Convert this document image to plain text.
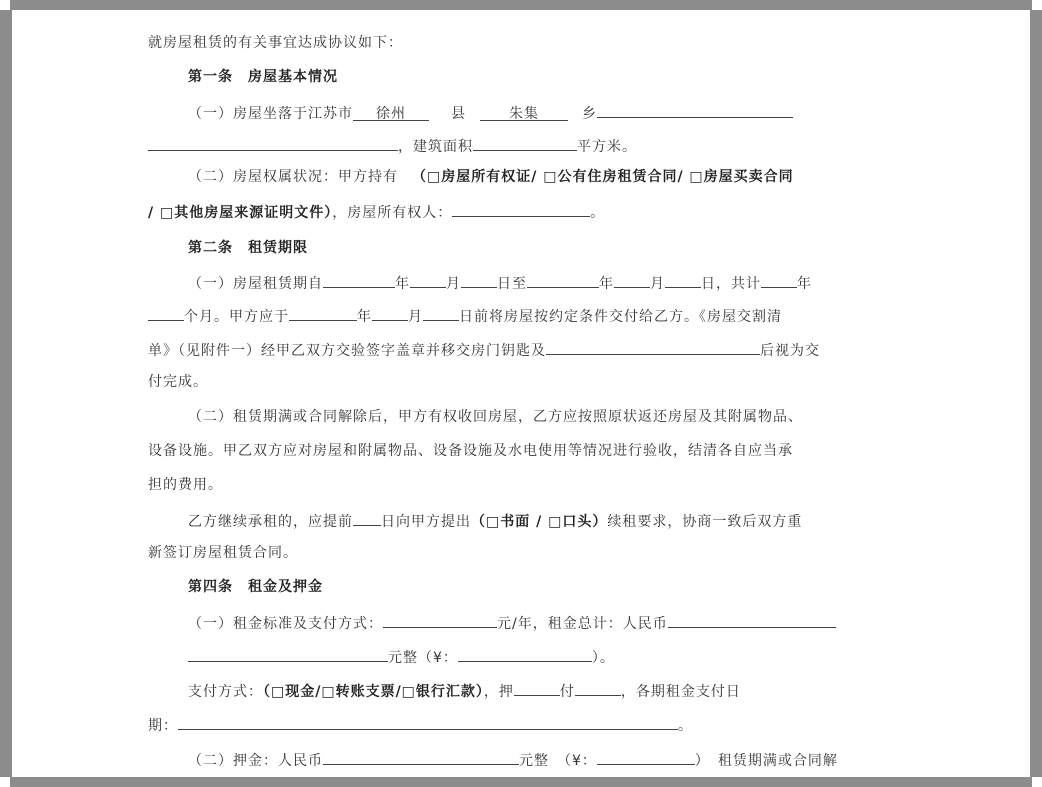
就房屋租赁的有关事宜达成协议如下：
第一条　房屋基本情况
（一）房屋坐落于江苏市 徐州	县	朱集	乡
，建筑面积	平方米。
（二）房屋权属状况：甲方持有 （□房屋所有权证/ □公有住房租赁合同/ □房屋买卖合同
/ □其他房屋来源证明文件），房屋所有权人：	。
第二条　租赁期限
（一）房屋租赁期自	年	月	日至	年	月	日，共计	年
个月。甲方应于	年	月	日前将房屋按约定条件交付给乙方。《房屋交割清
单》（见附件一）经甲乙双方交验签字盖章并移交房门钥匙及	后视为交
付完成。
（二）租赁期满或合同解除后，甲方有权收回房屋，乙方应按照原状返还房屋及其附属物品、
设备设施。甲乙双方应对房屋和附属物品、设备设施及水电使用等情况进行验收，结清各自应当承
担的费用。
乙方继续承租的，应提前 日向甲方提出（□书面 / □口头）续租要求，协商一致后双方重
新签订房屋租赁合同。
第四条　租金及押金
（一）租金标准及支付方式：	元/年，租金总计：人民币
元整（¥：	）。
支付方式：（□现金/□转账支票/□银行汇款），押	付	，各期租金支付日
期：	。
（二）押金：人民币	元整　（¥：	）　租赁期满或合同解
